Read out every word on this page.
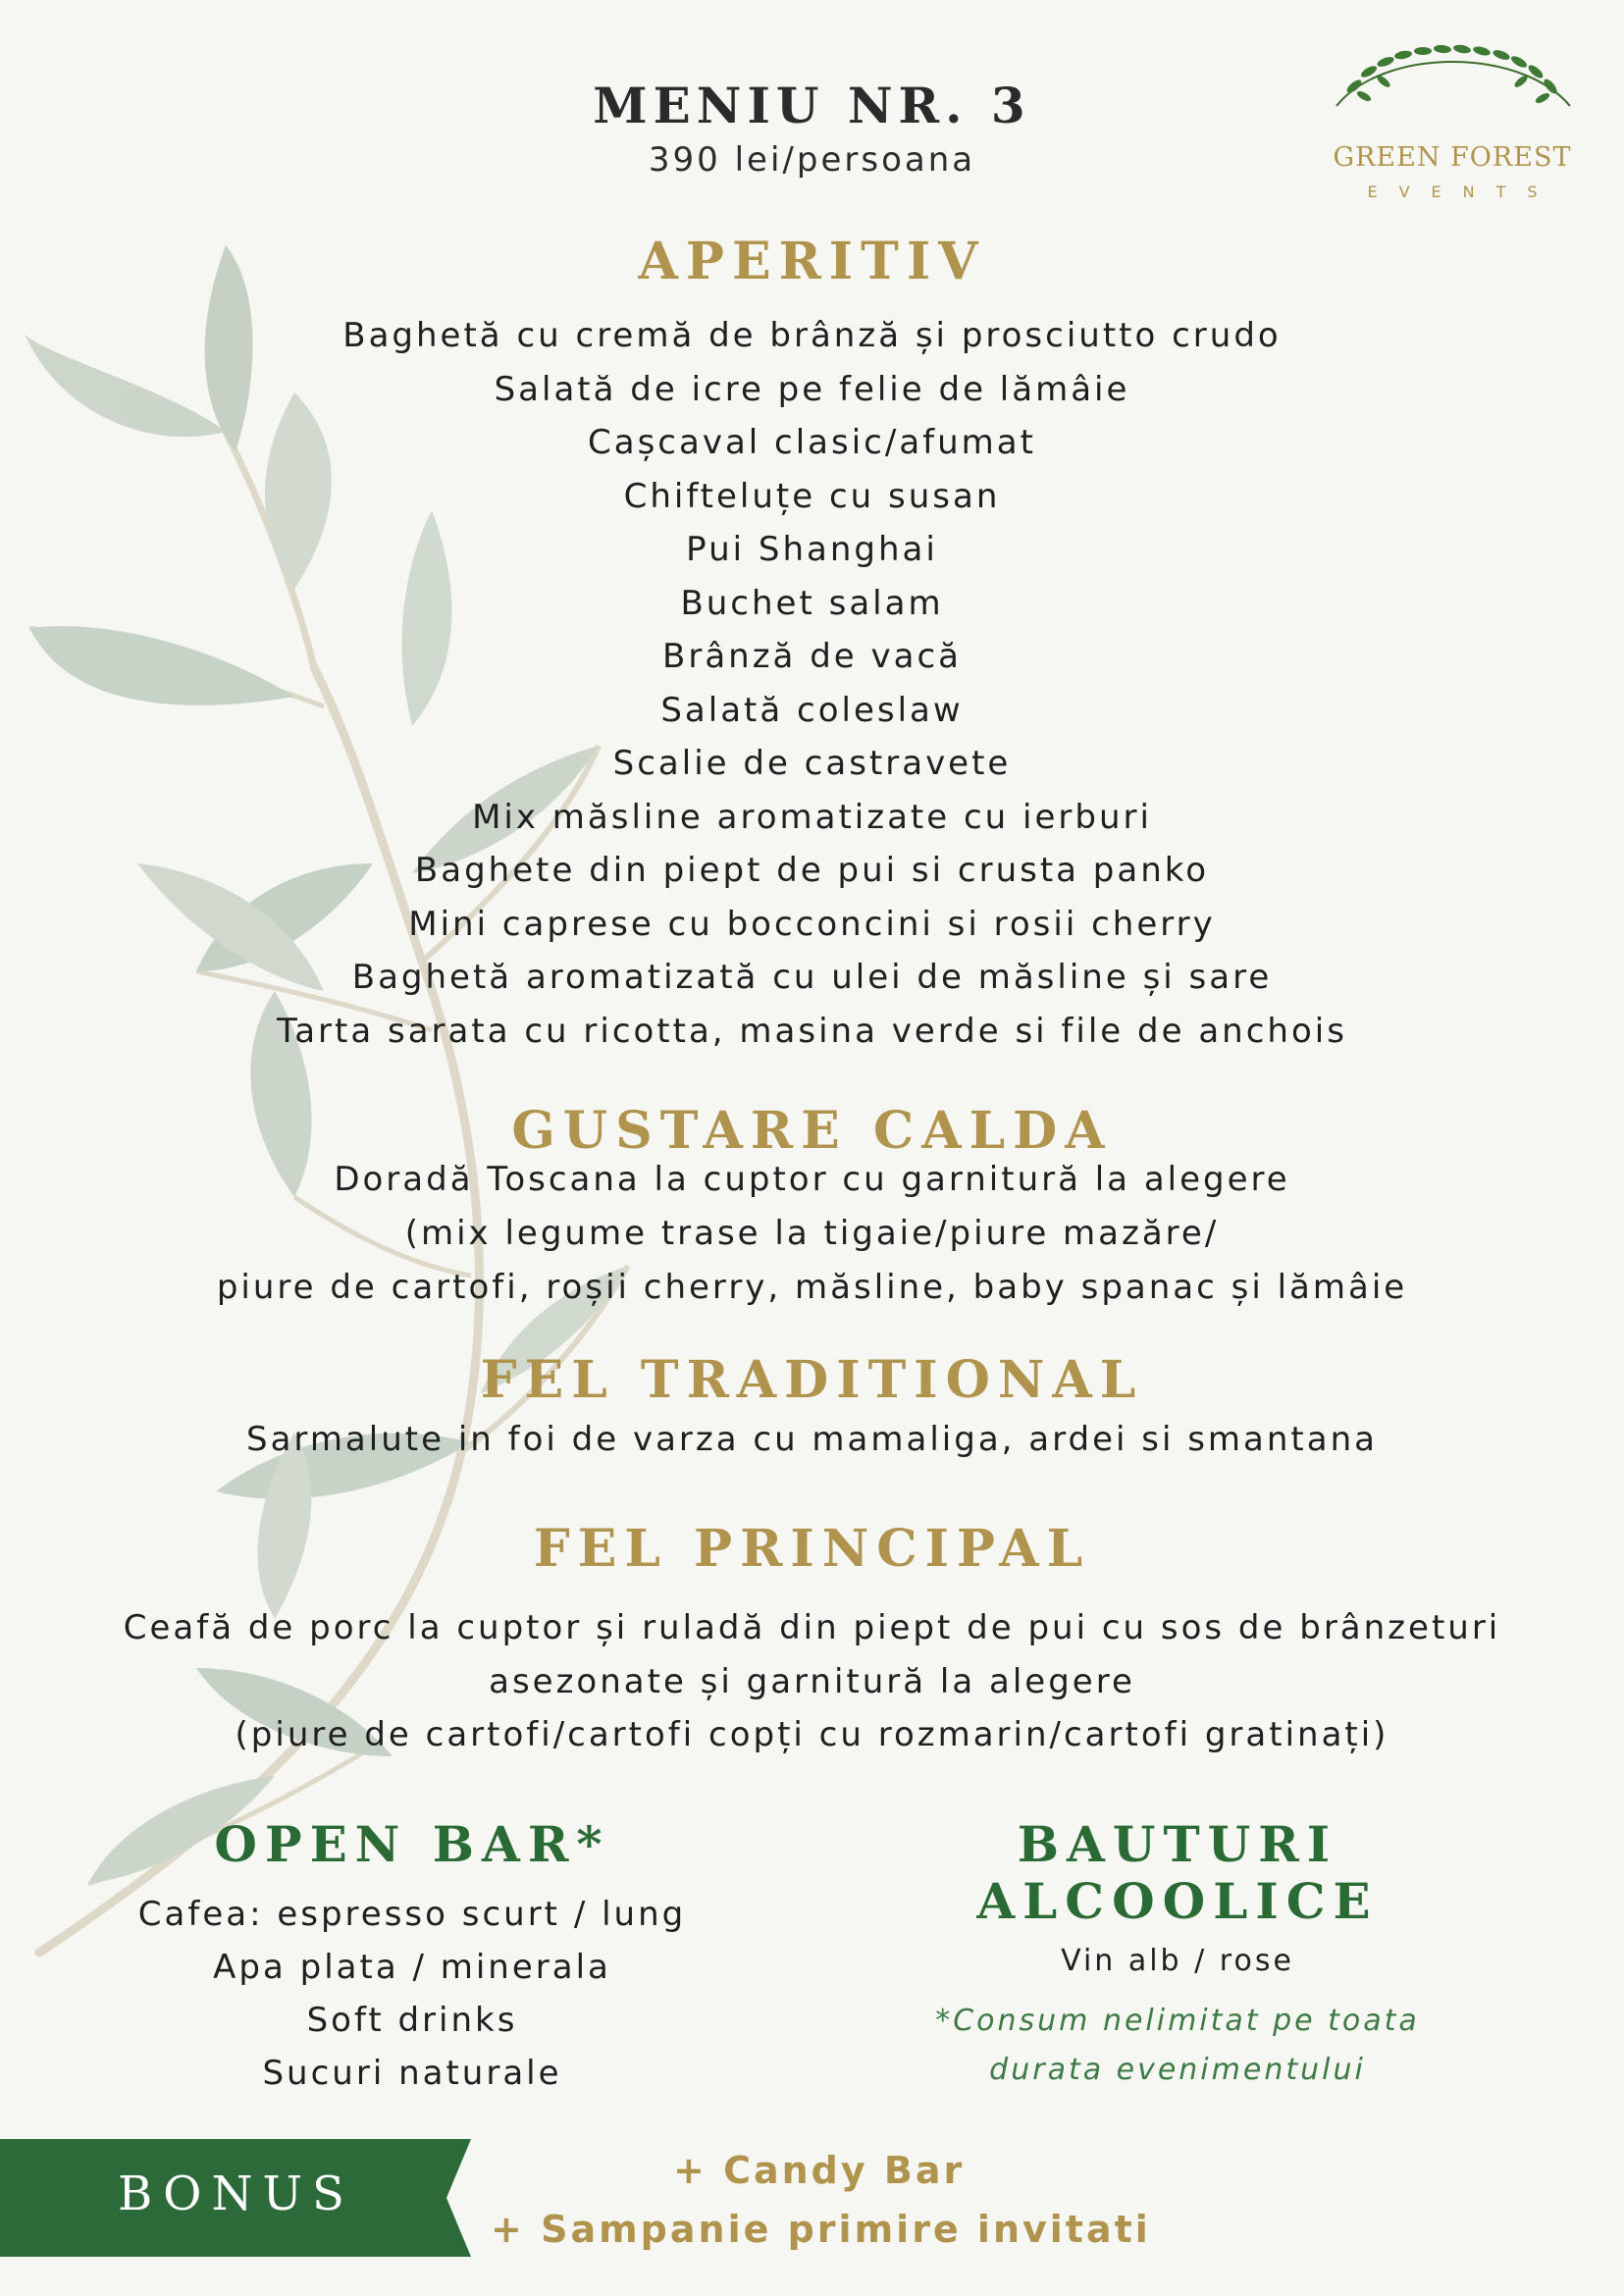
GREEN FOREST
EVENTS
MENIU NR. 3
390 lei/persoana
APERITIV
Baghetă cu cremă de brânză și prosciutto crudo
Salată de icre pe felie de lămâie
Cașcaval clasic/afumat
Chifteluțe cu susan
Pui Shanghai
Buchet salam
Brânză de vacă
Salată coleslaw
Scalie de castravete
Mix măsline aromatizate cu ierburi
Baghete din piept de pui si crusta panko
Mini caprese cu bocconcini si rosii cherry
Baghetă aromatizată cu ulei de măsline și sare
Tarta sarata cu ricotta, masina verde si file de anchois
GUSTARE CALDA
Doradă Toscana la cuptor cu garnitură la alegere
(mix legume trase la tigaie/piure mazăre/
piure de cartofi, roșii cherry, măsline, baby spanac și lămâie
FEL TRADITIONAL
Sarmalute in foi de varza cu mamaliga, ardei si smantana
FEL PRINCIPAL
Ceafă de porc la cuptor și ruladă din piept de pui cu sos de brânzeturi
asezonate și garnitură la alegere
(piure de cartofi/cartofi copți cu rozmarin/cartofi gratinați)
OPEN BAR*
Cafea: espresso scurt / lung
Apa plata / minerala
Soft drinks
Sucuri naturale
BAUTURI
ALCOOLICE
Vin alb / rose
*Consum nelimitat pe toata
durata evenimentului
BONUS	+ Candy Bar
+ Sampanie primire invitati
